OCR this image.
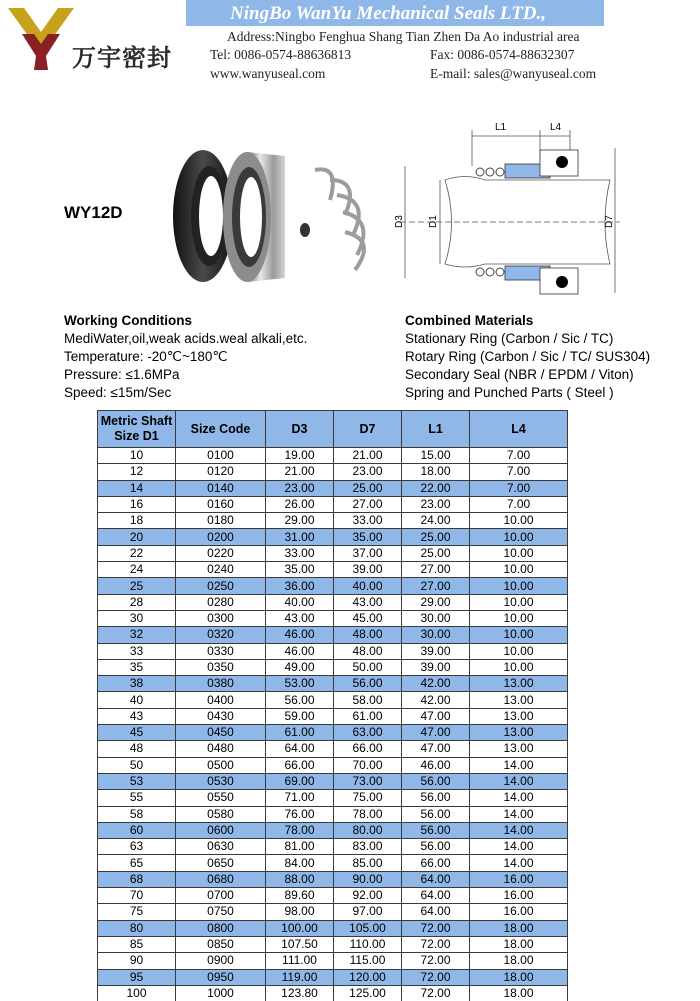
万宇密封
NingBo WanYu Mechanical Seals LTD.,
Address:Ningbo Fenghua Shang Tian Zhen Da Ao industrial area
Tel: 0086-0574-88636813	Fax: 0086-0574-88632307
www.wanyuseal.com	E-mail: sales@wanyuseal.com
WY12D
L1	L4
D3 D1	D7
Working Conditions
MediWater,oil,weak acids.weal alkali,etc.
Temperature: -20℃~180℃
Pressure: ≤1.6MPa
Speed: ≤15m/Sec
Combined Materials
Stationary Ring (Carbon / Sic / TC)
Rotary Ring (Carbon / Sic / TC/ SUS304)
Secondary Seal (NBR / EPDM / Viton)
Spring and Punched Parts ( Steel )
Metric Shaft Size D1	Size Code	D3	D7	L1	L4
10	0100	19.00	21.00	15.00	7.00
12	0120	21.00	23.00	18.00	7.00
14	0140	23.00	25.00	22.00	7.00
16	0160	26.00	27.00	23.00	7.00
18	0180	29.00	33.00	24.00	10.00
20	0200	31.00	35.00	25.00	10.00
22	0220	33.00	37.00	25.00	10.00
24	0240	35.00	39.00	27.00	10.00
25	0250	36.00	40.00	27.00	10.00
28	0280	40.00	43.00	29.00	10.00
30	0300	43.00	45.00	30.00	10.00
32	0320	46.00	48.00	30.00	10.00
33	0330	46.00	48.00	39.00	10.00
35	0350	49.00	50.00	39.00	10.00
38	0380	53.00	56.00	42.00	13.00
40	0400	56.00	58.00	42.00	13.00
43	0430	59.00	61.00	47.00	13.00
45	0450	61.00	63.00	47.00	13.00
48	0480	64.00	66.00	47.00	13.00
50	0500	66.00	70.00	46.00	14.00
53	0530	69.00	73.00	56.00	14.00
55	0550	71.00	75.00	56.00	14.00
58	0580	76.00	78.00	56.00	14.00
60	0600	78.00	80.00	56.00	14.00
63	0630	81.00	83.00	56.00	14.00
65	0650	84.00	85.00	66.00	14.00
68	0680	88.00	90.00	64.00	16.00
70	0700	89.60	92.00	64.00	16.00
75	0750	98.00	97.00	64.00	16.00
80	0800	100.00	105.00	72.00	18.00
85	0850	107.50	110.00	72.00	18.00
90	0900	111.00	115.00	72.00	18.00
95	0950	119.00	120.00	72.00	18.00
100	1000	123.80	125.00	72.00	18.00
